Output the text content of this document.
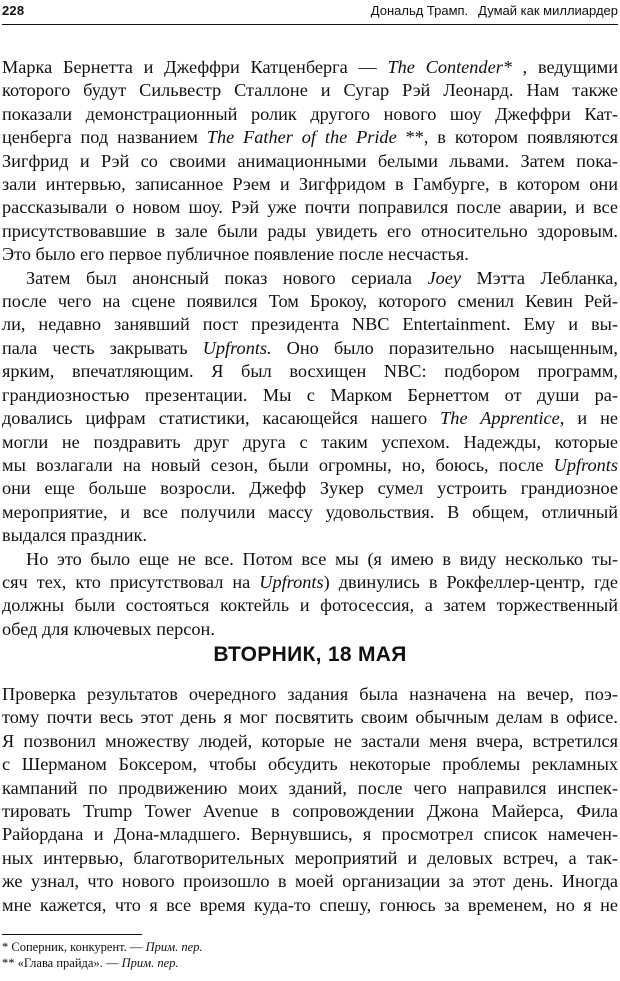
228	Дональд Трамп. Думай как миллиардер

Марка Бернетта и Джеффри Катценберга — The Contender* , ведущими
которого будут Сильвестр Сталлоне и Сугар Рэй Леонард. Нам также
показали демонстрационный ролик другого нового шоу Джеффри Кат-
ценберга под названием The Father of the Pride **, в котором появляются
Зигфрид и Рэй со своими анимационными белыми львами. Затем пока-
зали интервью, записанное Рэем и Зигфридом в Гамбурге, в котором они
рассказывали о новом шоу. Рэй уже почти поправился после аварии, и все
присутствовавшие в зале были рады увидеть его относительно здоровым.
Это было его первое публичное появление после несчастья.

Затем был анонсный показ нового сериала Joey Мэтта Лебланка,
после чего на сцене появился Том Брокоу, которого сменил Кевин Рей-
ли, недавно занявший пост президента NBC Entertainment. Ему и вы-
пала честь закрывать Upfronts. Оно было поразительно насыщенным,
ярким, впечатляющим. Я был восхищен NBC: подбором программ,
грандиозностью презентации. Мы с Марком Бернеттом от души ра-
довались цифрам статистики, касающейся нашего The Apprentice, и не
могли не поздравить друг друга с таким успехом. Надежды, которые
мы возлагали на новый сезон, были огромны, но, боюсь, после Upfronts
они еще больше возросли. Джефф Зукер сумел устроить грандиозное
мероприятие, и все получили массу удовольствия. В общем, отличный
выдался праздник.

Но это было еще не все. Потом все мы (я имею в виду несколько ты-
сяч тех, кто присутствовал на Upfronts) двинулись в Рокфеллер-центр, где
должны были состояться коктейль и фотосессия, а затем торжественный
обед для ключевых персон.

ВТОРНИК, 18 МАЯ
Проверка результатов очередного задания была назначена на вечер, поэ-
тому почти весь этот день я мог посвятить своим обычным делам в офисе.
Я позвонил множеству людей, которые не застали меня вчера, встретился
с Шерманом Боксером, чтобы обсудить некоторые проблемы рекламных
кампаний по продвижению моих зданий, после чего направился инспек-
тировать Trump Tower Avenue в сопровождении Джона Майерса, Фила
Райордана и Дона-младшего. Вернувшись, я просмотрел список намечен-
ных интервью, благотворительных мероприятий и деловых встреч, а так-
же узнал, что нового произошло в моей организации за этот день. Иногда
мне кажется, что я все время куда-то спешу, гонюсь за временем, но я не
* Соперник, конкурент. — Прим. пер.
** «Глава прайда». — Прим. пер.
